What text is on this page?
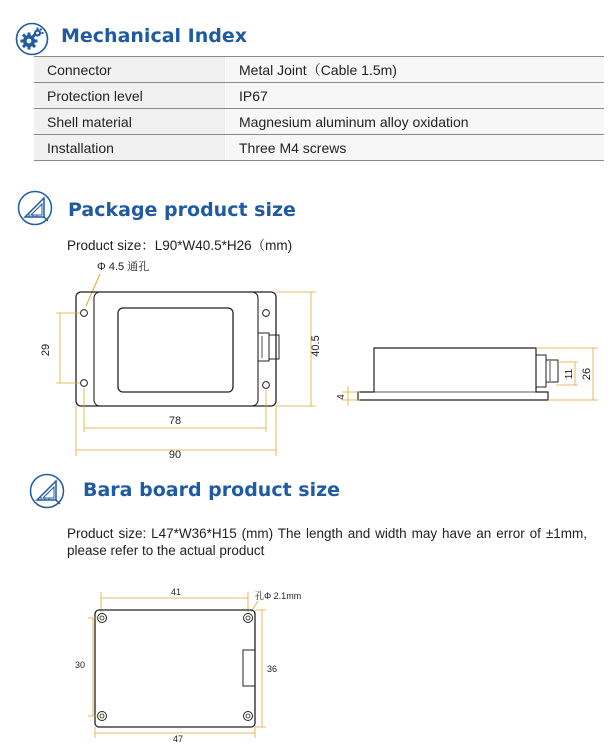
Mechanical Index
Connector	Metal Joint（Cable 1.5m)
Protection level	IP67
Shell material	Magnesium aluminum alloy oxidation
Installation	Three M4 screws
Package product size
Product size：L90*W40.5*H26（mm)
Φ 4.5 通孔
29	40.5
78
90
4
11 26
Bara board product size
Product size: L47*W36*H15 (mm) The length and width may have an error of ±1mm, please refer to the actual product
41	孔Φ 2.1mm
30	36
47
